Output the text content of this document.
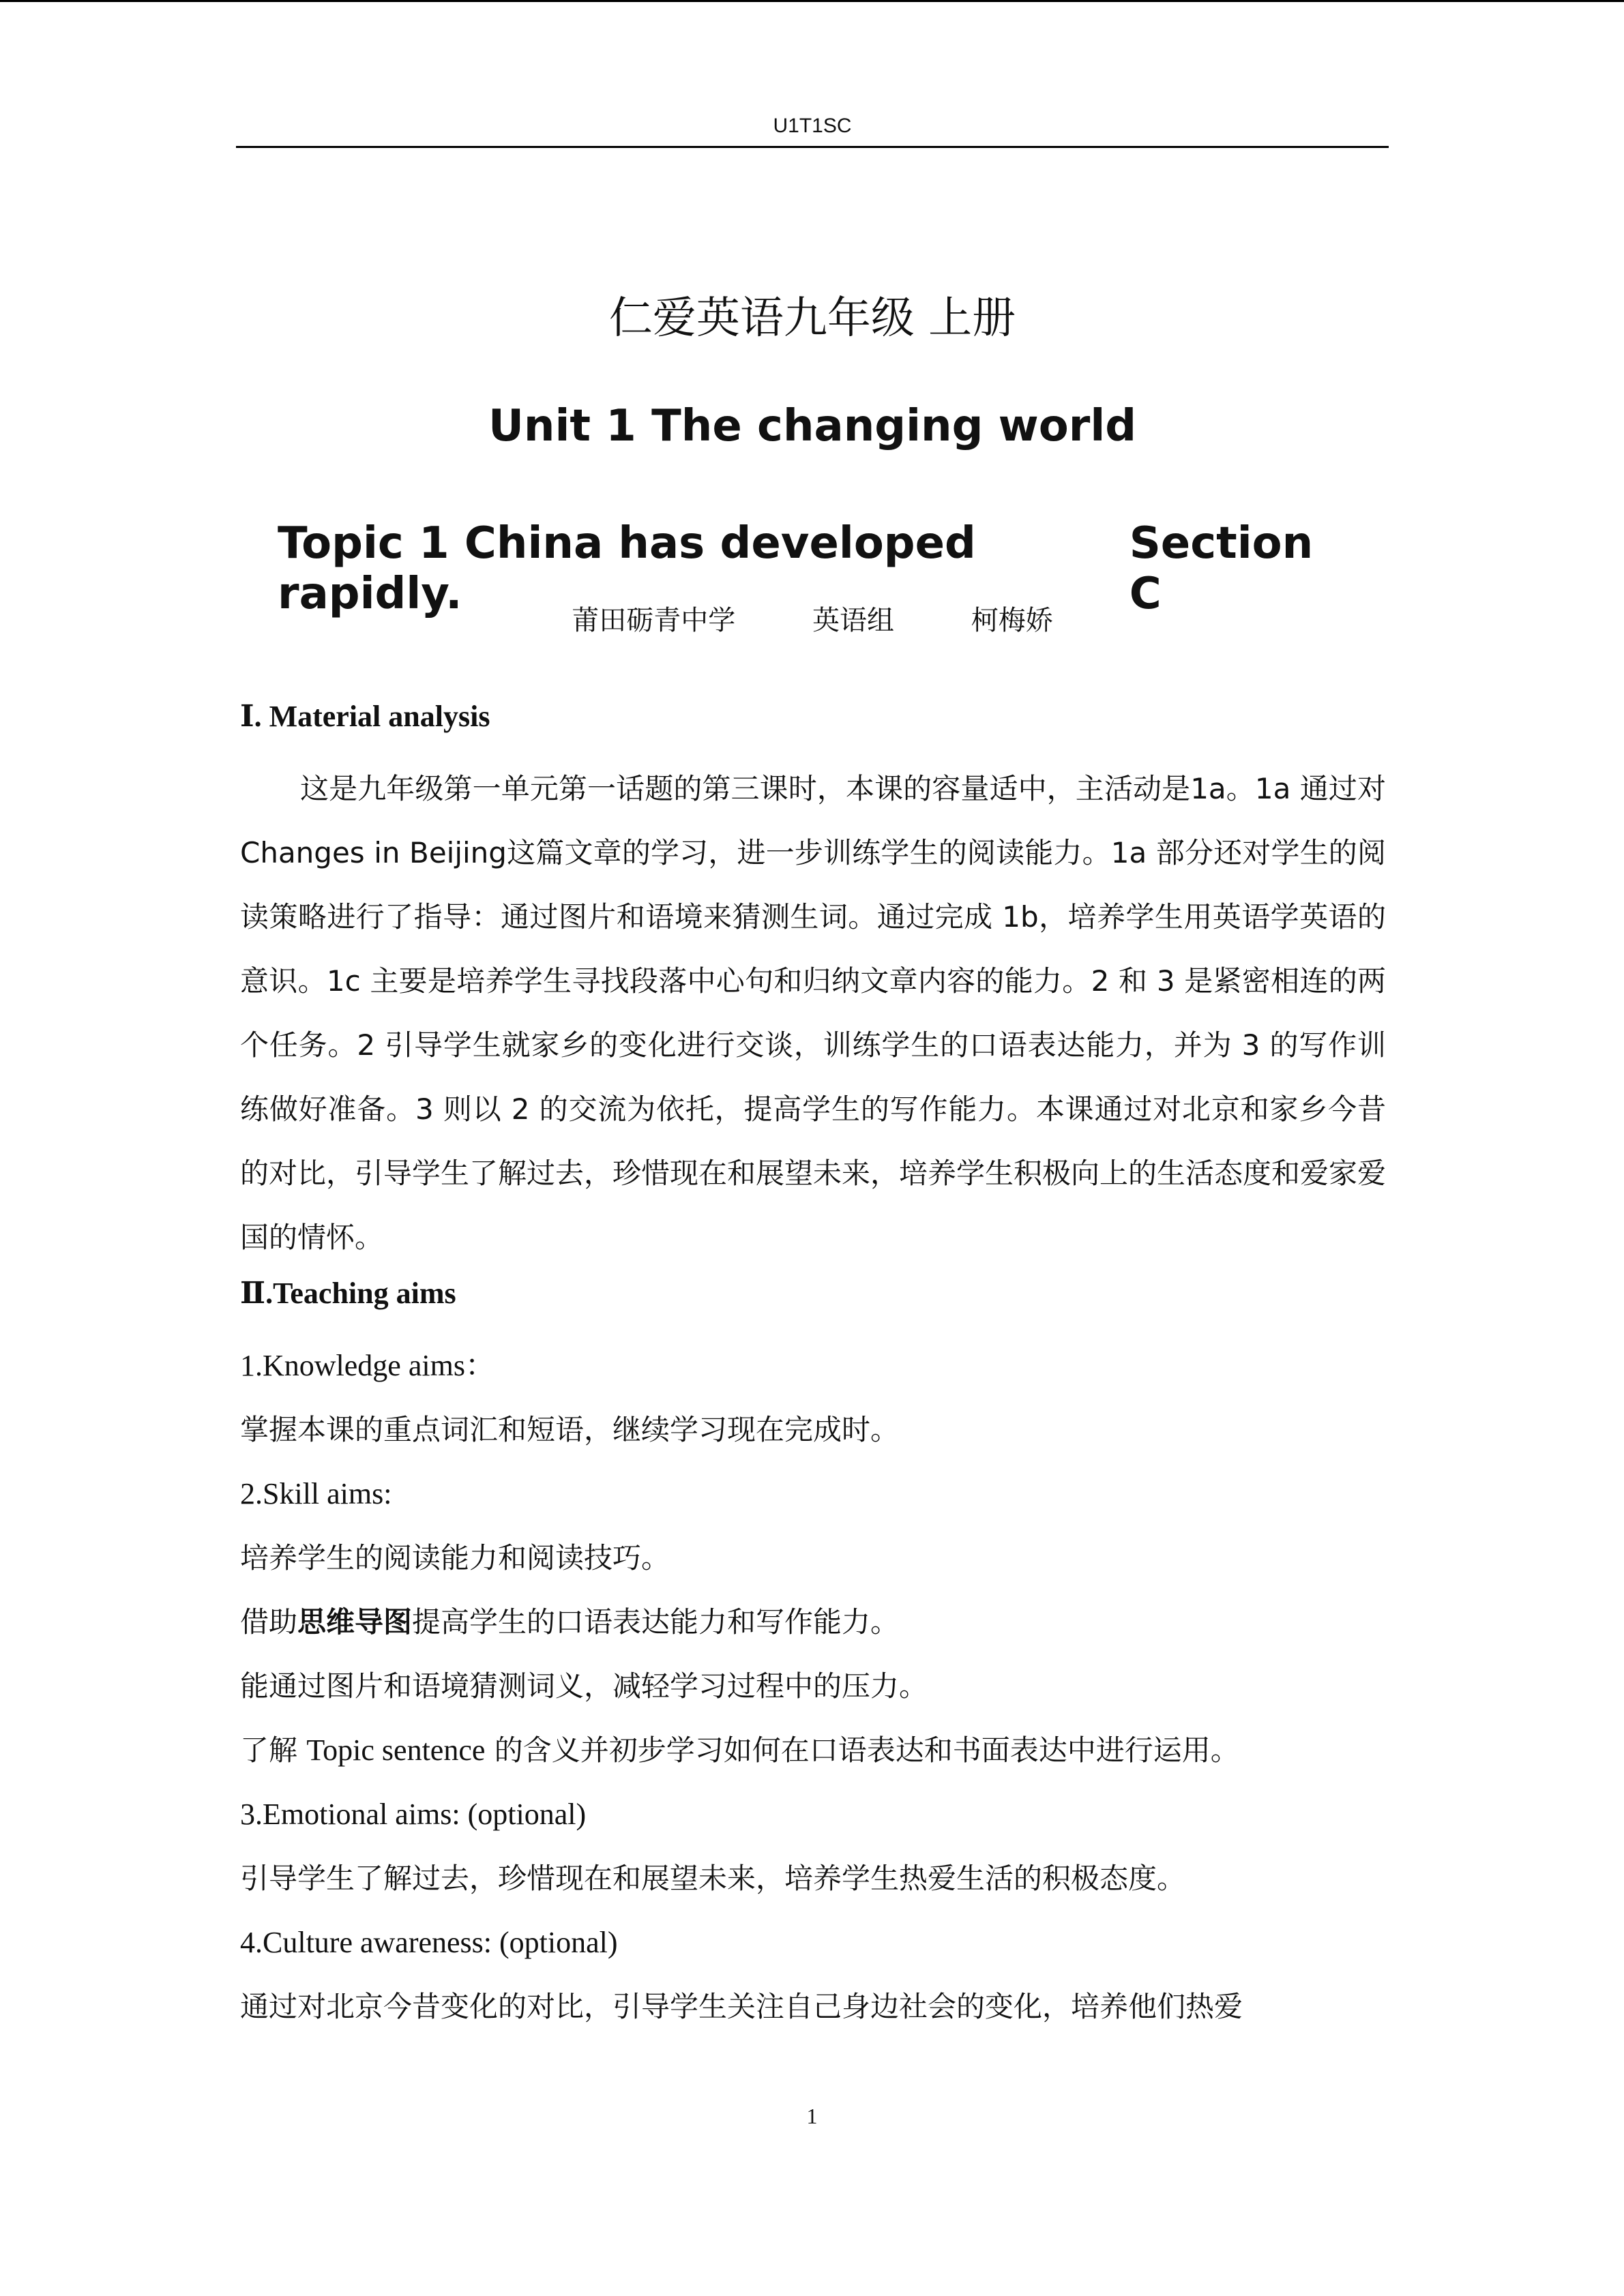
U1T1SC
仁爱英语九年级 上册
Unit 1 The changing world
Topic 1 China has developed rapidly.
Section C
莆田砺青中学	英语组	柯梅娇

Ⅰ. Material analysis

这是九年级第一单元第一话题的第三课时，本课的容量适中，主活动是1a。1a 通过对 Changes in Beijing这篇文章的学习，进一步训练学生的阅读能力。1a 部分还对学生的阅读策略进行了指导：通过图片和语境来猜测生词。通过完成 1b，培养学生用英语学英语的意识。1c 主要是培养学生寻找段落中心句和归纳文章内容的能力。2 和 3 是紧密相连的两个任务。2 引导学生就家乡的变化进行交谈，训练学生的口语表达能力，并为 3 的写作训练做好准备。3 则以 2 的交流为依托，提高学生的写作能力。本课通过对北京和家乡今昔的对比，引导学生了解过去，珍惜现在和展望未来，培养学生积极向上的生活态度和爱家爱国的情怀。

Ⅱ.Teaching aims

1.Knowledge aims：

掌握本课的重点词汇和短语，继续学习现在完成时。

2.Skill aims:

培养学生的阅读能力和阅读技巧。

借助思维导图提高学生的口语表达能力和写作能力。

能通过图片和语境猜测词义，减轻学习过程中的压力。

了解 Topic sentence 的含义并初步学习如何在口语表达和书面表达中进行运用。

3.Emotional aims: (optional)

引导学生了解过去，珍惜现在和展望未来，培养学生热爱生活的积极态度。

4.Culture awareness: (optional)

通过对北京今昔变化的对比，引导学生关注自己身边社会的变化，培养他们热爱

1
